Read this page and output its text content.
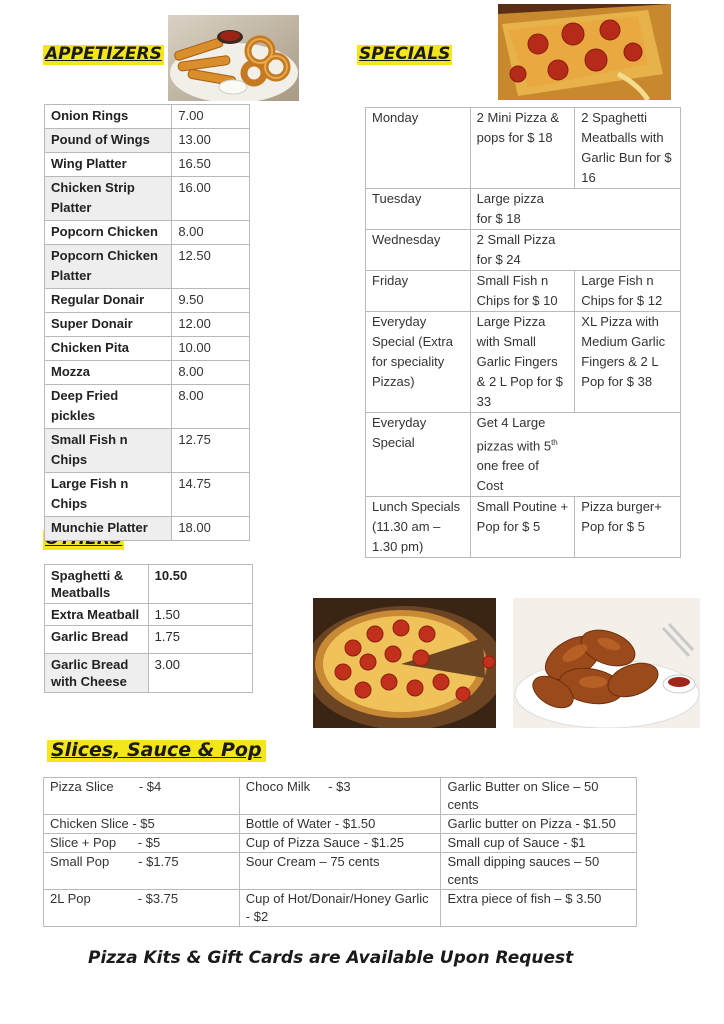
APPETIZERS	SPECIALS
Slices, Sauce & Pop
Onion Rings	7.00
Pound of Wings	13.00
Wing Platter	16.50
Chicken Strip Platter	16.00
Popcorn Chicken	8.00
Popcorn Chicken Platter	12.50
Regular Donair	9.50
Super Donair	12.00
Chicken Pita	10.00
Mozza	8.00
Deep Fried pickles	8.00
Small Fish n Chips	12.75
Large Fish n Chips	14.75
Munchie Platter	18.00
Monday	2 Mini Pizza & pops for $ 18	2 Spaghetti Meatballs with Garlic Bun for $ 16
Tuesday	Large pizza for $ 18	
Wednesday	2 Small Pizza for $ 24	
Friday	Small Fish n Chips for $ 10	Large Fish n Chips for $ 12
Everyday Special (Extra for speciality Pizzas)	Large Pizza with Small Garlic Fingers & 2 L Pop for $ 33	XL Pizza with Medium Garlic Fingers & 2 L Pop for $ 38
Everyday Special	Get 4 Large pizzas with 5th one free of Cost	
Lunch Specials (11.30 am – 1.30 pm)	Small Poutine + Pop for $ 5	Pizza burger+ Pop for $ 5
Spaghetti & Meatballs	10.50
Extra Meatball	1.50
Garlic Bread	1.75
Garlic Bread with Cheese	3.00
Pizza Slice       - $4	Choco Milk     - $3	Garlic Butter on Slice – 50 cents
Chicken Slice - $5	Bottle of Water - $1.50	Garlic butter on Pizza - $1.50
Slice + Pop      - $5	Cup of Pizza Sauce - $1.25	Small cup of Sauce - $1
Small Pop        - $1.75	Sour Cream – 75 cents	Small dipping sauces – 50 cents
2L Pop             - $3.75	Cup of Hot/Donair/Honey Garlic   - $2	Extra piece of fish – $ 3.50
Pizza Kits & Gift Cards are Available Upon Request
